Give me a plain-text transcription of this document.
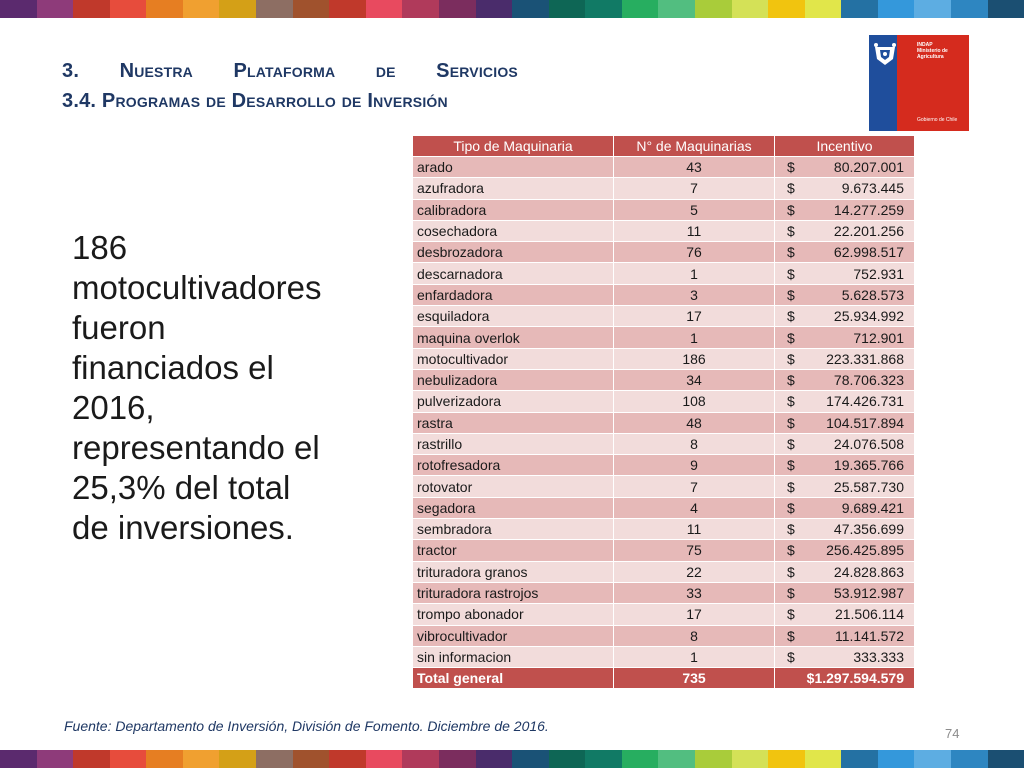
3. Nuestra Plataforma de Servicios
3.4. Programas de Desarrollo de Inversión
INDAP
Ministerio de Agricultura
Gobierno de Chile
186
motocultivadores
fueron
financiados el
2016,
representando el
25,3% del total
de inversiones.
Tipo de Maquinaria	N° de Maquinarias	Incentivo
arado	43	$ 80.207.001

azufradora	7	$ 9.673.445

calibradora	5	$ 14.277.259

cosechadora	11	$ 22.201.256

desbrozadora	76	$ 62.998.517

descarnadora	1	$ 752.931

enfardadora	3	$ 5.628.573

esquiladora	17	$ 25.934.992

maquina overlok	1	$ 712.901

motocultivador	186	$ 223.331.868

nebulizadora	34	$ 78.706.323

pulverizadora	108	$ 174.426.731

rastra	48	$ 104.517.894

rastrillo	8	$ 24.076.508

rotofresadora	9	$ 19.365.766

rotovator	7	$ 25.587.730

segadora	4	$ 9.689.421

sembradora	11	$ 47.356.699

tractor	75	$ 256.425.895

trituradora granos	22	$ 24.828.863

trituradora rastrojos	33	$ 53.912.987

trompo abonador	17	$ 21.506.114

vibrocultivador	8	$ 11.141.572

sin informacion	1	$ 333.333

Total general	735	$1.297.594.579
Fuente: Departamento de Inversión, División de Fomento. Diciembre de 2016.	74
